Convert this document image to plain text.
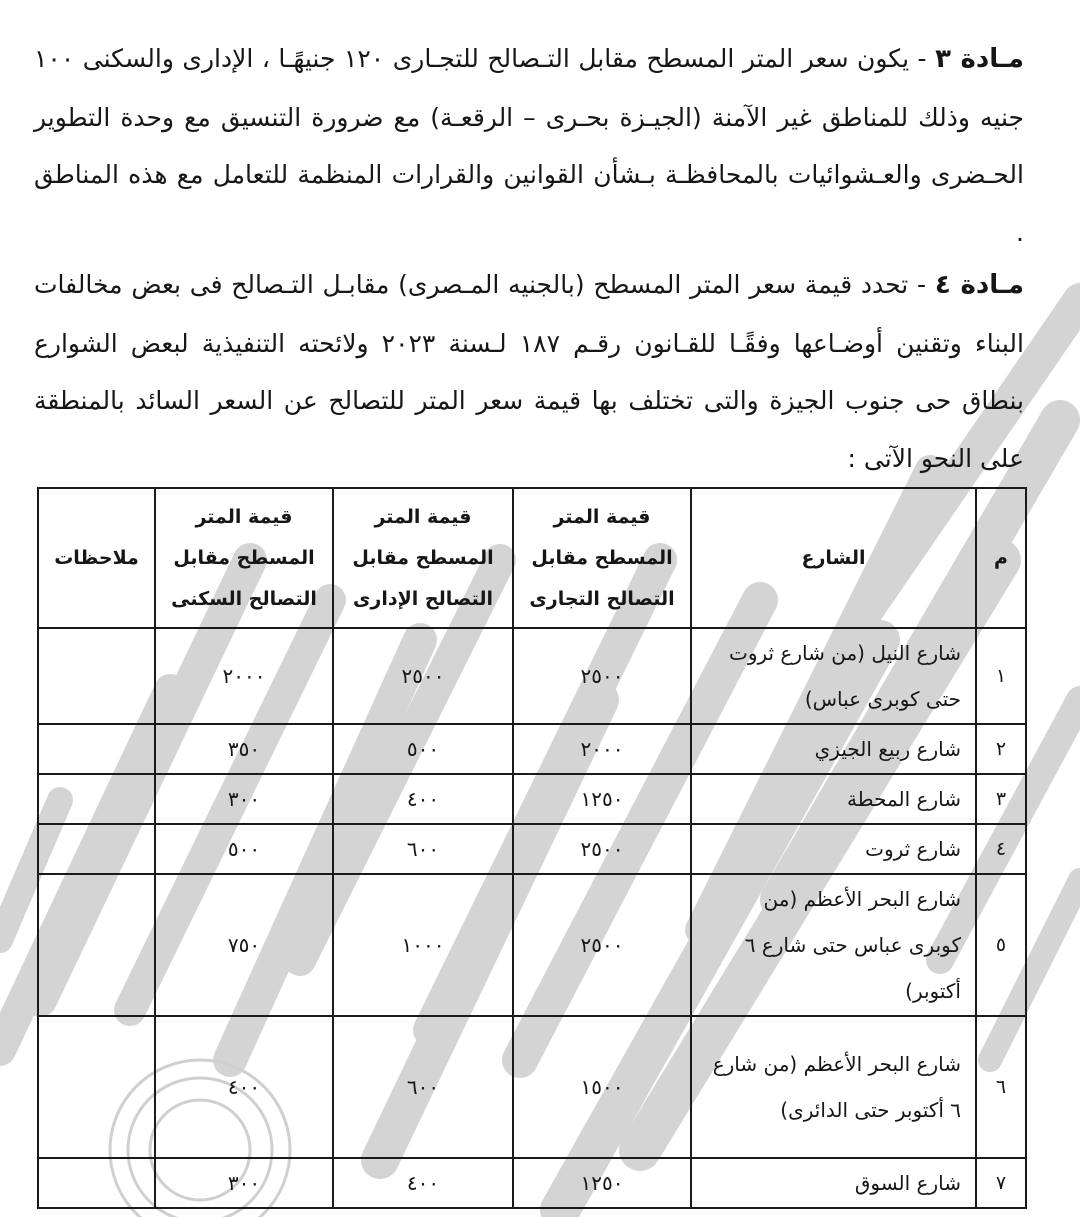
مـادة ٣ - يكون سعر المتر المسطح مقابل التـصالح للتجـارى ١٢٠ جنيهًـا ، الإدارى والسكنى ١٠٠ جنيه وذلك للمناطق غير الآمنة (الجيـزة بحـرى – الرقعـة) مع ضرورة التنسيق مع وحدة التطوير الحـضرى والعـشوائيات بالمحافظـة بـشأن القوانين والقرارات المنظمة للتعامل مع هذه المناطق .

مـادة ٤ - تحدد قيمة سعر المتر المسطح (بالجنيه المـصرى) مقابـل التـصالح فى بعض مخالفات البناء وتقنين أوضـاعها وفقًـا للقـانون رقـم ١٨٧ لـسنة ٢٠٢٣ ولائحته التنفيذية لبعض الشوارع بنطاق حى جنوب الجيزة والتى تختلف بها قيمة سعر المتر للتصالح عن السعر السائد بالمنطقة على النحو الآتى :

م	الشارع	قيمة المتر المسطح مقابل التصالح التجارى	قيمة المتر المسطح مقابل التصالح الإدارى	قيمة المتر المسطح مقابل التصالح السكنى	ملاحظات
١	شارع النيل (من شارع ثروت حتى كوبرى عباس)	٢٥٠٠	٢٥٠٠	٢٠٠٠	
٢	شارع ربيع الجيزي	٢٠٠٠	٥٠٠	٣٥٠	
٣	شارع المحطة	١٢٥٠	٤٠٠	٣٠٠	
٤	شارع ثروت	٢٥٠٠	٦٠٠	٥٠٠	
٥	شارع البحر الأعظم (من كوبرى عباس حتى شارع ٦ أكتوبر)	٢٥٠٠	١٠٠٠	٧٥٠	
٦	شارع البحر الأعظم (من شارع ٦ أكتوبر حتى الدائرى)	١٥٠٠	٦٠٠	٤٠٠	
٧	شارع السوق	١٢٥٠	٤٠٠	٣٠٠	
